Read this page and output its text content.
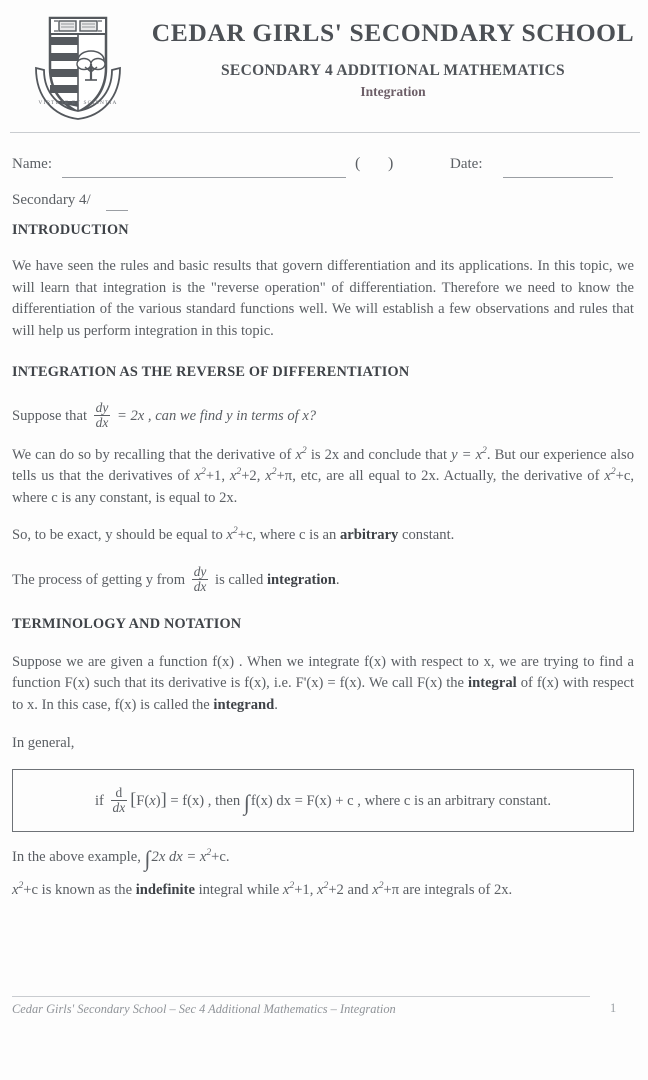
VIRTUTE ET SCIENTIA
CEDAR GIRLS' SECONDARY SCHOOL
SECONDARY 4 ADDITIONAL MATHEMATICS
Integration
Name:	( )	Date:
Secondary 4/
INTRODUCTION

We have seen the rules and basic results that govern differentiation and its applications. In this topic, we will learn that integration is the "reverse operation" of differentiation. Therefore we need to know the differentiation of the various standard functions well. We will establish a few observations and rules that will help us perform integration in this topic.

INTEGRATION AS THE REVERSE OF DIFFERENTIATION

Suppose that $\frac{dy}{dx} = 2x$ , can we find y in terms of x?

We can do so by recalling that the derivative of $x^2$ is 2x and conclude that $y = x^2$. But our experience also tells us that the derivatives of $x^2+1$, $x^2+2$, $x^2+\pi$, etc, are all equal to 2x. Actually, the derivative of $x^2+c$, where c is any constant, is equal to 2x.

So, to be exact, y should be equal to $x^2+c$, where c is an arbitrary constant.

The process of getting y from $\frac{dy}{dx}$ is called integration.

TERMINOLOGY AND NOTATION

Suppose we are given a function f(x) . When we integrate f(x) with respect to x, we are trying to find a function F(x) such that its derivative is f(x), i.e. F'(x) = f(x). We call F(x) the integral of f(x) with respect to x. In this case, f(x) is called the integrand.

In general,

if $\frac{d}{dx} [F(x)] = f(x)$ , then ∫f(x) dx = F(x) + c , where c is an arbitrary constant.

In the above example, ∫2x dx = $x^2+c$.

$x^2+c$ is known as the indefinite integral while $x^2+1$, $x^2+2$ and $x^2+\pi$ are integrals of 2x.

Cedar Girls' Secondary School – Sec 4 Additional Mathematics – Integration	1
